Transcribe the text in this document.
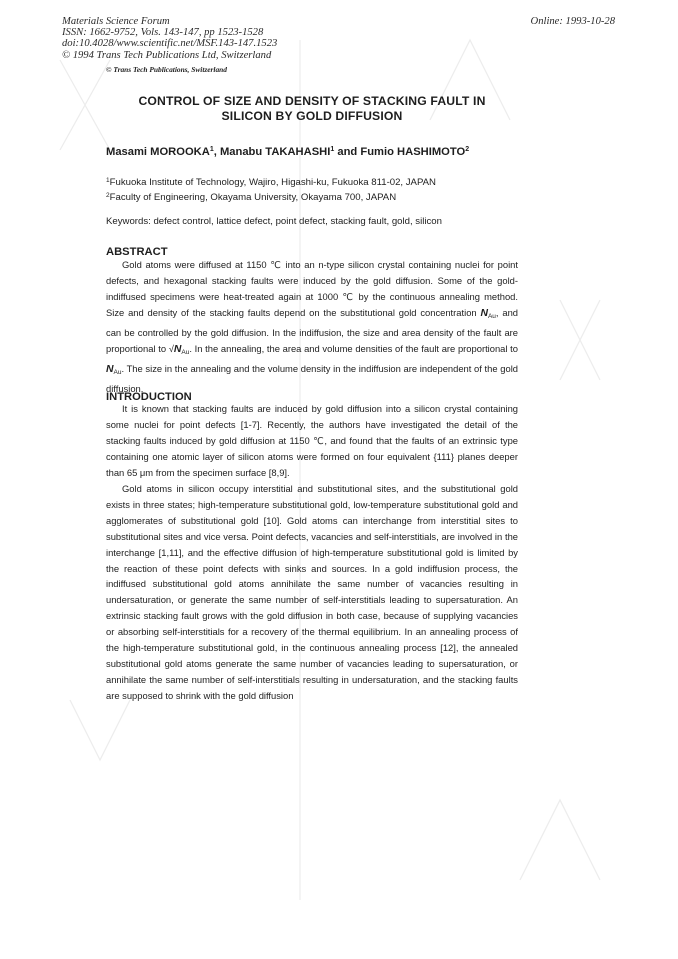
Materials Science Forum
ISSN: 1662-9752, Vols. 143-147, pp 1523-1528
doi:10.4028/www.scientific.net/MSF.143-147.1523
© 1994 Trans Tech Publications Ltd, Switzerland
Online: 1993-10-28
© Trans Tech Publications, Switzerland
CONTROL OF SIZE AND DENSITY OF STACKING FAULT IN
SILICON BY GOLD DIFFUSION
Masami MOROOKA$^1$, Manabu TAKAHASHI$^1$ and Fumio HASHIMOTO$^2$
$^1$Fukuoka Institute of Technology, Wajiro, Higashi-ku, Fukuoka 811-02, JAPAN
$^2$Faculty of Engineering, Okayama University, Okayama 700, JAPAN
Keywords: defect control, lattice defect, point defect, stacking fault, gold, silicon
ABSTRACT

Gold atoms were diffused at 1150 ℃ into an n-type silicon crystal containing nuclei for point defects, and hexagonal stacking faults were induced by the gold diffusion. Some of the gold-indiffused specimens were heat-treated again at 1000 ℃ by the continuous annealing method. Size and density of the stacking faults depend on the substitutional gold concentration $N_{Au}$, and can be controlled by the gold diffusion. In the indiffusion, the size and area density of the fault are proportional to $√N_{Au}$. In the annealing, the area and volume densities of the fault are proportional to $N_{Au}$. The size in the annealing and the volume density in the indiffusion are independent of the gold diffusion.

INTRODUCTION

It is known that stacking faults are induced by gold diffusion into a silicon crystal containing some nuclei for point defects [1-7]. Recently, the authors have investigated the detail of the stacking faults induced by gold diffusion at 1150 ℃, and found that the faults of an extrinsic type containing one atomic layer of silicon atoms were formed on four equivalent {111} planes deeper than 65 μm from the specimen surface [8,9].

Gold atoms in silicon occupy interstitial and substitutional sites, and the substitutional gold exists in three states; high-temperature substitutional gold, low-temperature substitutional gold and agglomerates of substitutional gold [10]. Gold atoms can interchange from interstitial sites to substitutional sites and vice versa. Point defects, vacancies and self-interstitials, are involved in the interchange [1,11], and the effective diffusion of high-temperature substitutional gold is limited by the reaction of these point defects with sinks and sources. In a gold indiffusion process, the indiffused substitutional gold atoms annihilate the same number of vacancies resulting in undersaturation, or generate the same number of self-interstitials leading to supersaturation. An extrinsic stacking fault grows with the gold diffusion in both case, because of supplying vacancies or absorbing self-interstitials for a recovery of the thermal equilibrium. In an annealing process of the high-temperature substitutional gold, in the continuous annealing process [12], the annealed substitutional gold atoms generate the same number of vacancies leading to supersaturation, or annihilate the same number of self-interstitials resulting in undersaturation, and the stacking faults are supposed to shrink with the gold diffusion
